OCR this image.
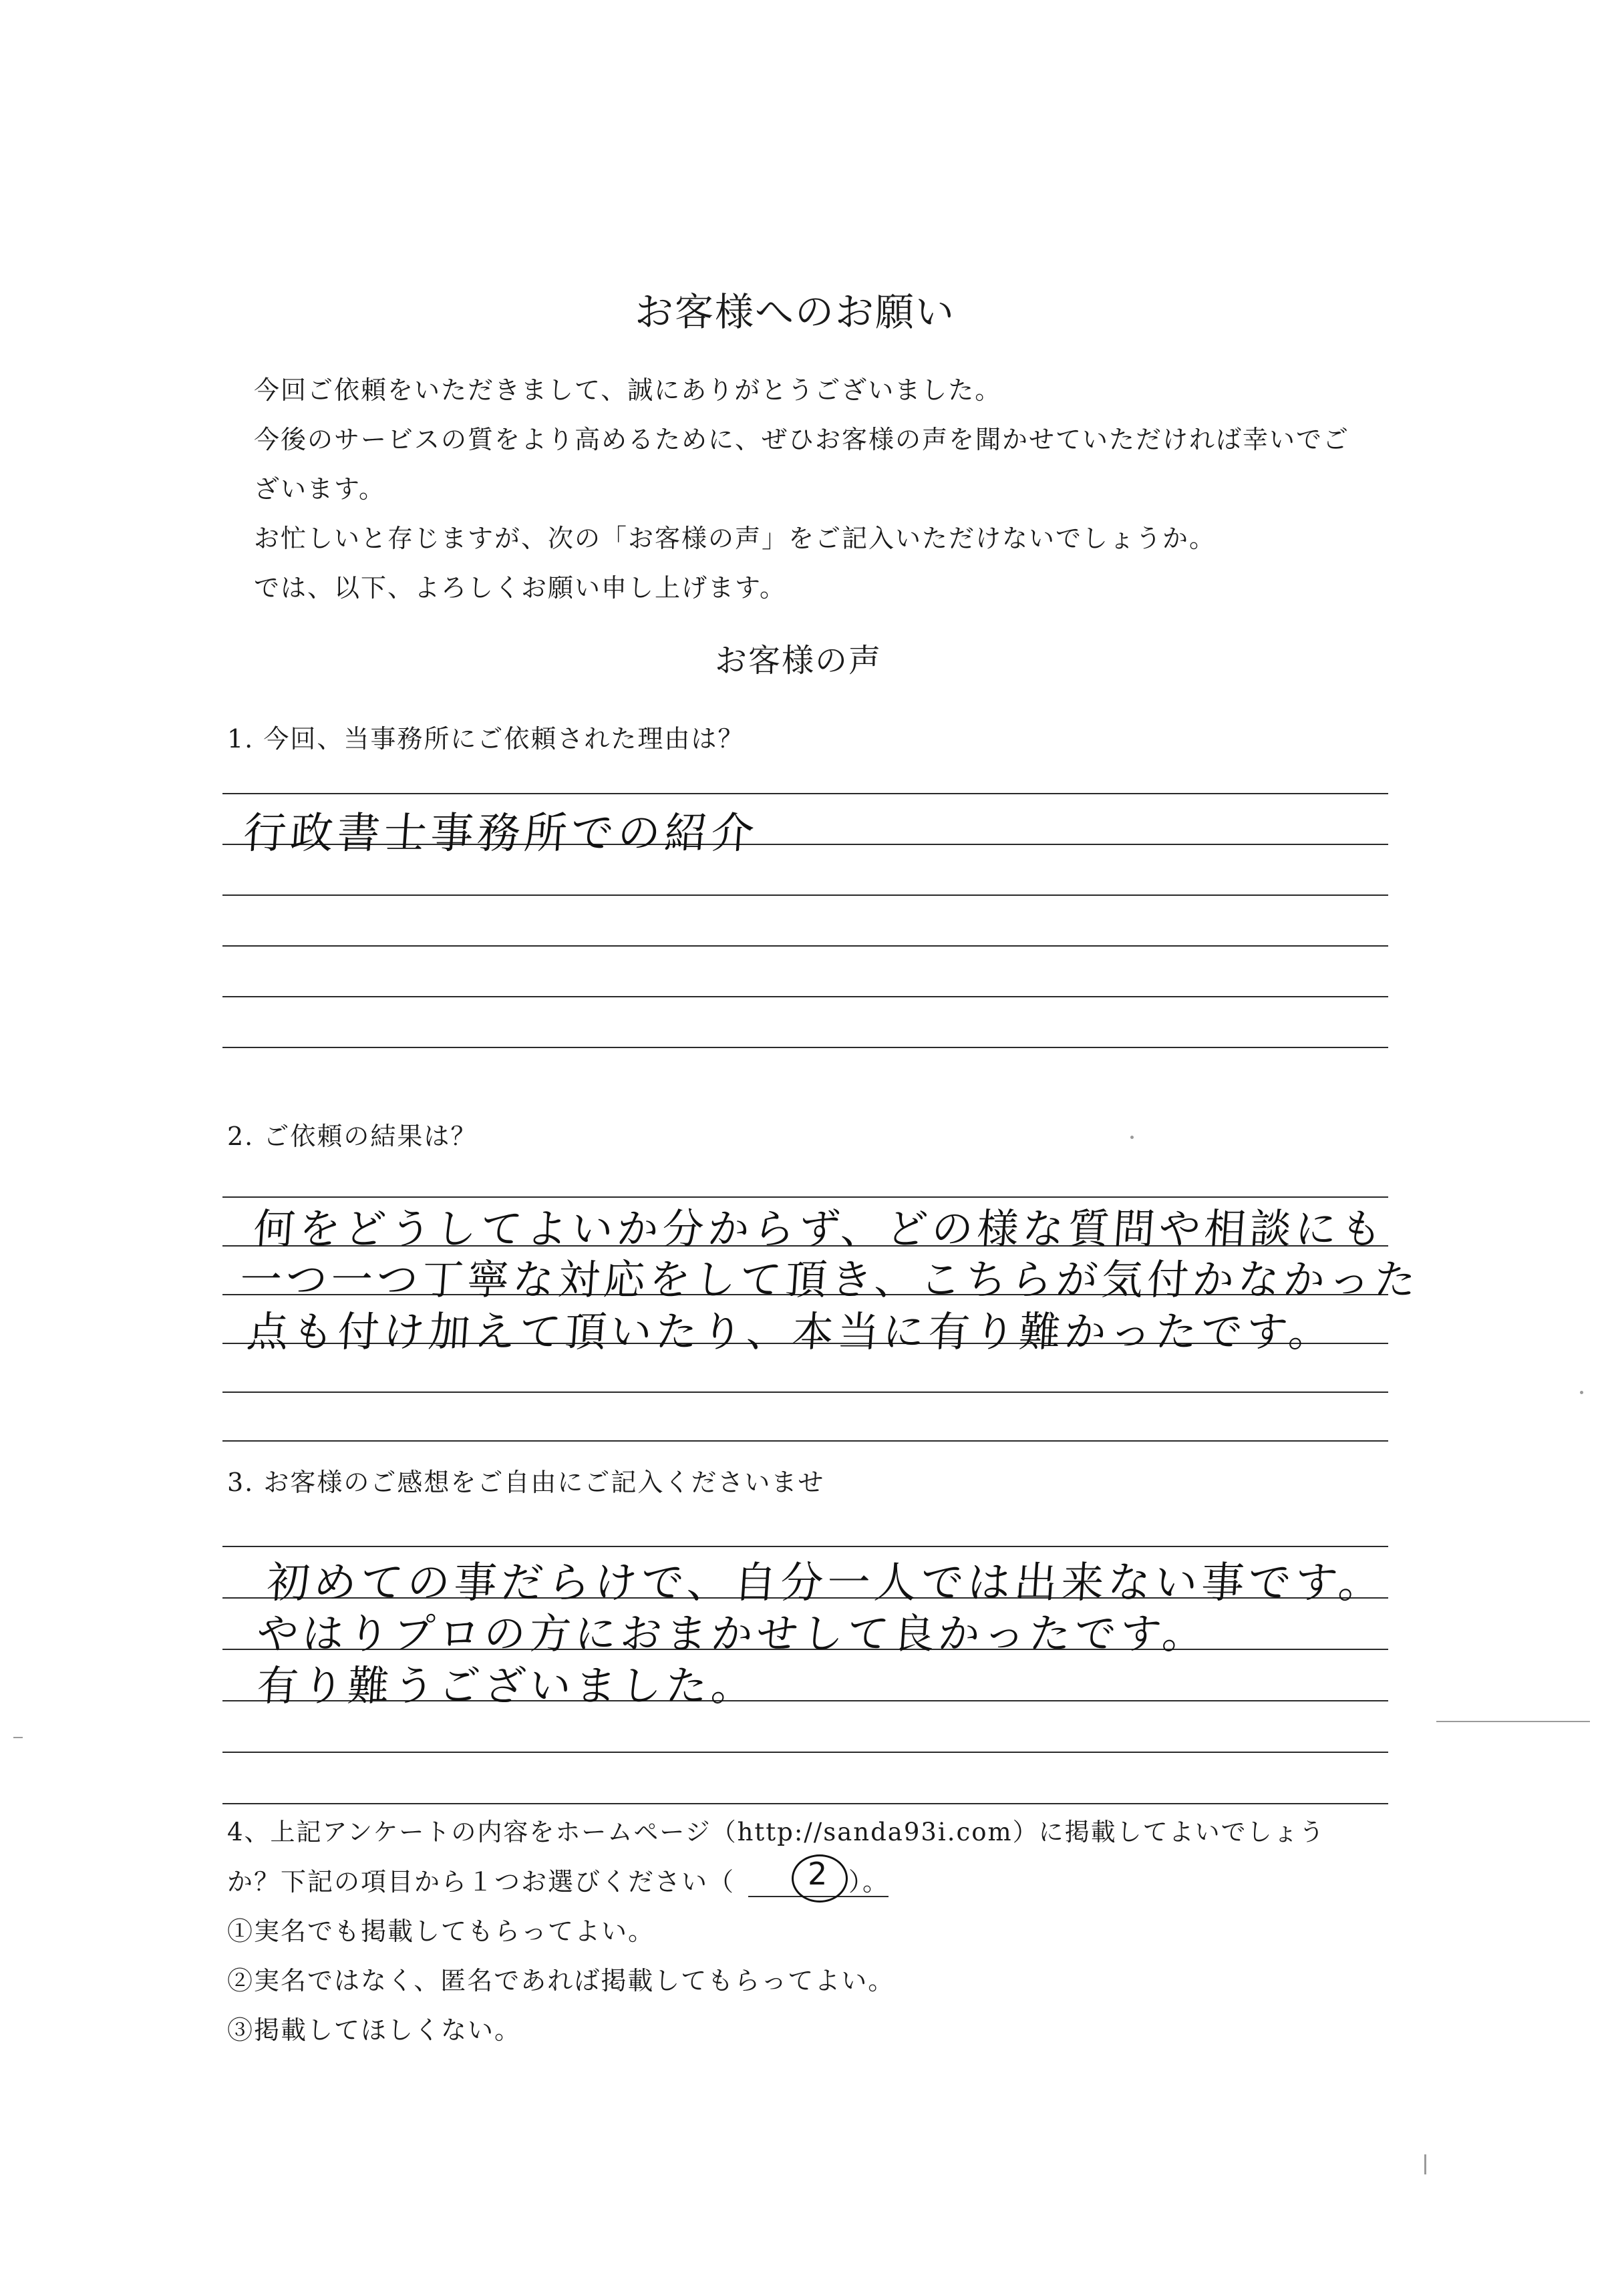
お客様へのお願い
今回ご依頼をいただきまして、誠にありがとうございました。
今後のサービスの質をより高めるために、ぜひお客様の声を聞かせていただければ幸いでご
ざいます。
お忙しいと存じますが、次の「お客様の声」をご記入いただけないでしょうか。
では、以下、よろしくお願い申し上げます。
お客様の声
1. 今回、当事務所にご依頼された理由は？
行政書士事務所での紹介
2. ご依頼の結果は？
何をどうしてよいか分からず、どの様な質問や相談にも
一つ一つ丁寧な対応をして頂き、こちらが気付かなかった
点も付け加えて頂いたり、本当に有り難かったです。
3. お客様のご感想をご自由にご記入くださいませ
初めての事だらけで、自分一人では出来ない事です。
やはりプロの方におまかせして良かったです。
有り難うございました。
4、上記アンケートの内容をホームページ（http://sanda93i.com）に掲載してよいでしょう
か？下記の項目から１つお選びください（	）。
2
①実名でも掲載してもらってよい。
②実名ではなく、匿名であれば掲載してもらってよい。
③掲載してほしくない。
